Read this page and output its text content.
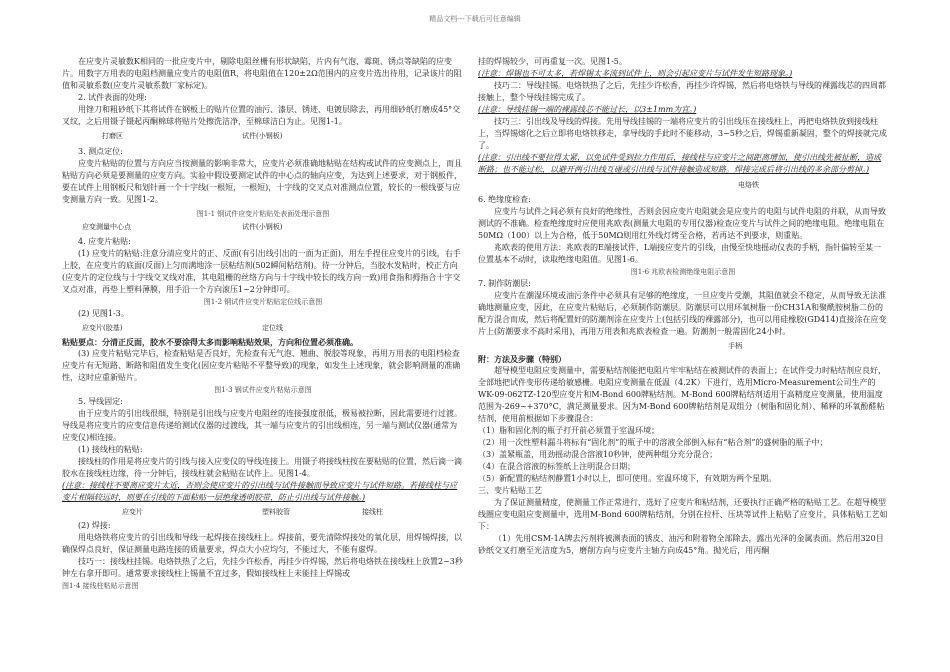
精品文档---下载后可任意编辑

在应变片灵敏数K相同的一批应变片中，剔除电阻丝栅有形状缺陷，片内有气泡、霉斑、锈点等缺陷的应变片。用数字万用表的电阻档测量应变片的电阻值R，将电阻值在120±2Ω范围内的应变片选出待用，记录该片的阻值和灵敏系数(应变片灵敏系数厂家标定)。

2. 试件表面的处理:

用锉刀和粗砂纸下其将试件在钢板上的贴片位置的油污、漆层、锈迹、电镀层除去，再用细砂纸打磨成45°交叉纹，之后用镊子镊起丙酮棉球将贴片处擦洗洁净，至棉球洁白为止。见图1-1。

打磨区	试件(小钢板)

3. 测点定位:

应变片粘贴的位置与方向应当按测量的影响非常大，应变片必须准确地粘贴在结构或试件的应变测点上，而且粘贴方向必须是要测量的应变方向。实验中假设要测定试件的中心点的轴向应变，为达到上述要求，对于钢板件，要在试件上用钢板尺和划针画一个十字线(一根短，一根短)，十字线的交叉点对准测点位置，较长的一根线要与应变测量方向一致。见图1-2。

图1-1 钢试件应变片粘贴处表面处理示意图
应变测量中心点	试件(小钢板)

4. 应变片粘贴:

(1) 应变片的粘贴:注意分清应变片的正、反面(有引出线引出的一面为正面)，用左手捏住应变片的引线，右手上胶，在应变片的底面(反面)上匀而满地涂一层粘结剂(502瞬间粘结剂)。待一分钟后，当胶水发粘时，校正方向(应变片的定位线与十字线交叉线对准，其电阻栅的丝络方向与十字线中较长的线方向一致)用食指和拇指合十字交叉点对准，再垫上塑料薄膜，用手沿一个方向滚压1~2分钟即可。

图1-2 钢试件应变片粘贴定位线示意图

(2) 见图1-3。

应变片(胶基)	定位线

粘贴要点：分清正反面，胶水不要涂得太多而影响粘贴效果，方向和位置必须准确。

(3) 应变片粘贴完毕后，检查粘贴是否良好，先检查有无气泡、翘曲、脱胶等现象，再用万用表的电阻档检查应变片有无短路、断路和阻值发生变化(因应变片粘贴不平整导致)的现象，如发生上述现象，就会影响测量的准确性，这时应重新贴片。

图1-3 钢试件应变片粘贴示意图

5. 导线固定:

由于应变片的引出线很细，特别是引出线与应变片电阻丝的连接强度很低，极易被拉断，因此需要进行过渡。导线是将应变片的应变信息传递给测试仪器的过渡线，其一端与应变片的引出线相连，另一端与测试仪器(通常为应变仪)相连接。

(1) 接线柱的粘贴:

接线柱的作用是将应变片的引线与接入应变仪的导线连接上。用镊子将接线柱按在要粘贴的位置，然后滴一滴胶水在接线柱边缘，待一分钟后，接线柱就会粘贴在试件上。见图1-4。

(注意：接线柱不要离应变片太近，否则会使应变片的引出线与试件接触而导致应变片与试件短路。若接线柱与应变片相隔较远时，则要在引线的下面粘贴一层绝缘透明胶带，防止引出线与试件接触。)

应变片	塑料胶管	接线柱

(2) 焊接:

用电烙铁将应变片的引出线和导线一起焊接在接线柱上。焊接前，要先清除焊接处的氧化层，用焊锡焊接，以确保焊点良好，保证测量电路连接的质量要求，焊点大小应均匀，不能过大，不能有虚焊。

技巧一：接线柱挂锡。电烙铁热了之后，先挂少许松香，再挂少许焊锡，然后将电烙铁在接线柱上放置2~3秒钟左右拿开即可。通常要求接线柱上锡量不宜过多，假如接线柱上未能挂上焊锡或

图1-4 接线柱粘贴示意图

挂的焊锡较少，可再重复一次。见图1-5。

(注意：焊锡也不可太多，若焊锡太多流到试件上，则会引起应变片与试件发生短路现象。)

技巧二：导线挂锡。电烙铁热了之后，先挂少许松香，再挂少许焊锡，然后将电烙铁与导线的裸露线芯的四周都接触上，整个导线挂锡完成了。

(注意：导线挂锡一端的裸露线芯不能过长，以3±1mm为宜。)

技巧三：引出线及导线的焊接。先用导线挂锡的一端将应变片的引出线压在接线柱上，再把电烙铁放到接线柱上，当焊锡熔化之后立即将电烙铁移走，拿导线的手此时不能移动，3~5秒之后，焊锡重新凝固，整个的焊接就完成了。

(注意：引出线不要拉得太紧，以免试件受到拉力作用后，接线柱与应变片之间距离增加，使引出线先被扯断，造成断路；也不能过松，以避开两引出线互碰或引出线与试件接触造成短路。焊接完成后将引出线的多余部分剪掉。)

电烙铁

6. 绝缘度检查:

应变片与试件之间必须有良好的绝缘性，否则会因应变片电阻就会是应变片的电阻与试件电阻的并联，从而导致测试的不准确。检查绝缘度时应使用兆欧表(测量大电阻的专用仪器)检查应变片与试件之间的绝缘电阻。绝缘电阻在50MΩ（100）以上为合格，低于50MΩ则用红外线灯烤至合格，若再达不到要求，则重贴。

兆欧表的使用方法：兆欧表的E端接试件，L端接应变片的引线，由慢至快地摇动仪表的手柄，指针偏转至某一位置基本不动时，读取绝缘电阻值。见图1-6。

图1-6 兆欧表检测绝缘电阻示意图

7. 制作防潮层:

应变片在潮湿环境或油污条件中必须具有足够的绝缘度，一旦应变片受潮，其阻值就会不稳定，从而导致无法准确地测量应变，因此，在应变片粘贴后，必须制作防潮层。防潮层可以用环氧树脂一份CH31A和聚酰胺树脂二份的配方混合而成，然后将配置好的防潮剂涂在应变片上(包括引线的裸露部分)，也可以用硅橡胶(GD414)直接涂在应变片上(防潮要求不高时采用)，再用万用表和兆欧表检查一遍。防潮剂一般需固化24小时。

手柄

附：方法及步骤（特别）

超导模型电阻应变测量中，需要粘结剂能把电阻片牢牢粘结在被测试件的表面上；在试件受力时粘结剂应良好，全部地把试件变形传递给敏感栅。电阻应变测量在低温（4.2K）下进行，选用Micro-Measurement公司生产的WK-09-062TZ-120型应变片和M-Bond 600牌粘结剂。M-Bond 600牌粘结剂适用于高精度应变测量，使用温度范围为-269~+370°C，满足测量要求。因为M-Bond 600牌粘结剂是双组分（树脂和固化剂）、稀释的环氧酚醛粘结剂，使用前根据如下步骤混合：

（1）脂和固化剂的瓶子打开前必须置于室温环境；

（2）用一次性塑料漏斗将标有“固化剂”的瓶子中的溶液全部倒入标有“粘合剂”的盛树脂的瓶子中；

（3）盖紧瓶盖，用劲摇动混合溶液10秒钟，使两种组分充分混合；

（4）在混合溶液的标签纸上注明混合日期；

（5）新配置的粘结剂静置1小时以上，即可使用。室温环境下，有效期为两个星期。

三、变片粘贴工艺

为了保证测量精度，使测量工作正常进行，选好了应变片和粘结剂，还要执行正确严格的粘贴工艺。在超导模型线圈应变电阻应变测量中，选用M-Bond 600牌粘结剂，分别在拉杆、压块等试件上粘贴了应变片，具体粘贴工艺如下：

（1）先用CSM-1A牌去污剂将被测表面的锈皮、油污和附着物全部除去，露出光泽的金属表面。然后用320目砂纸交叉打磨至光洁度为5，磨削方向与应变片主轴方向成45°角。抛光后，用丙酮
